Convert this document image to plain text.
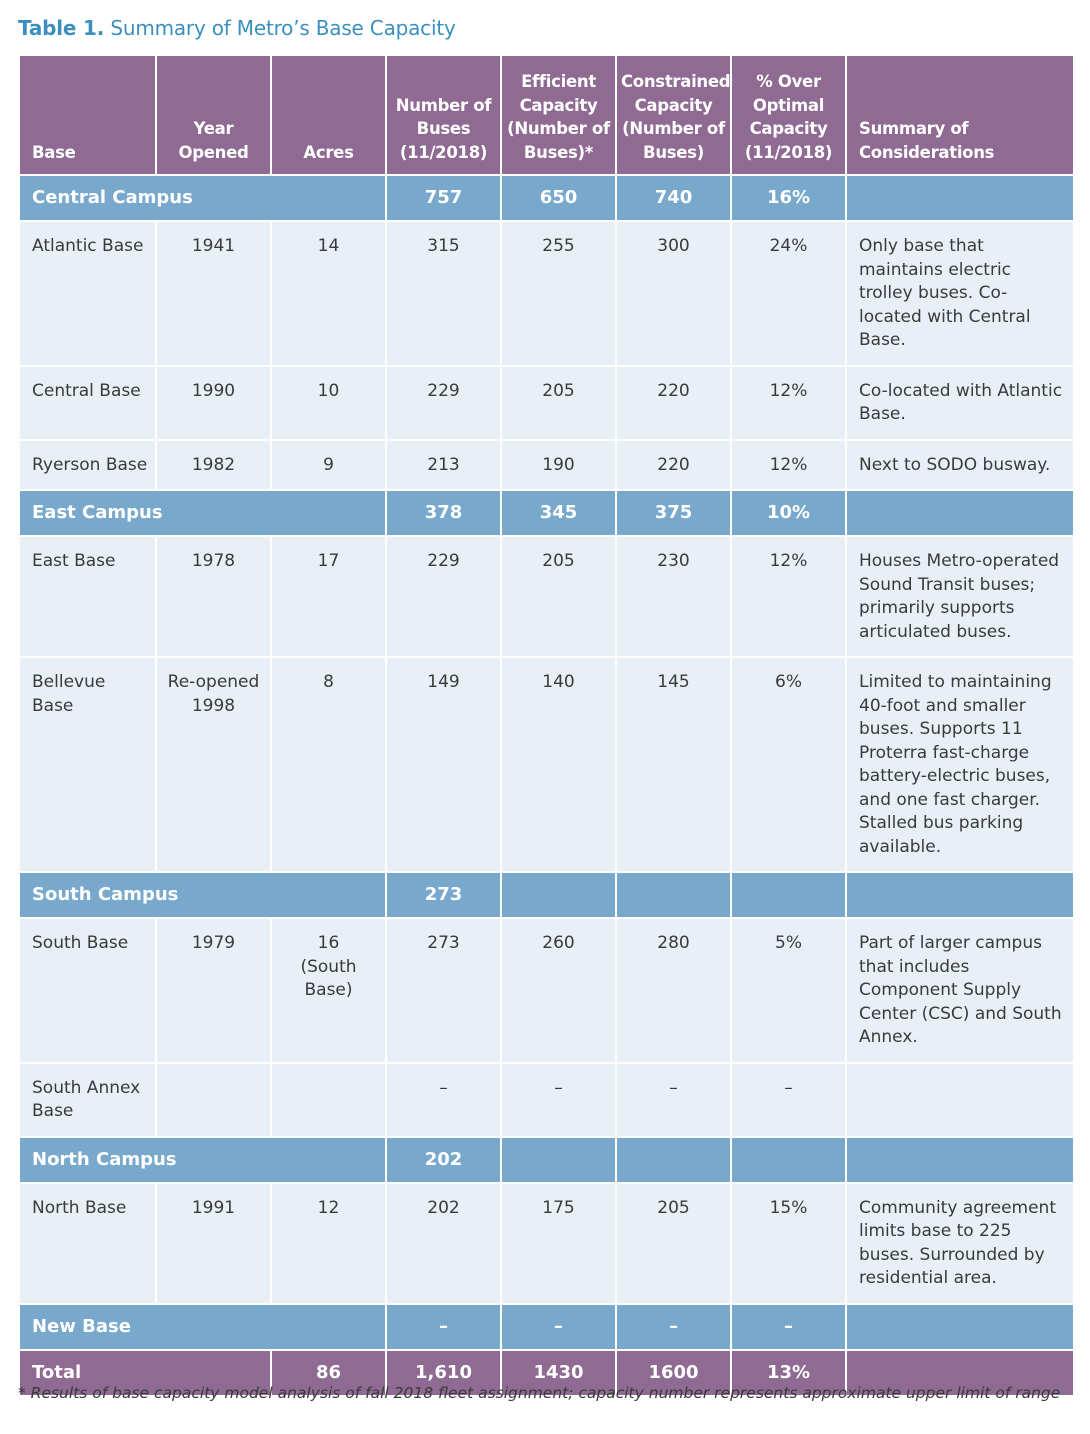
Table 1. Summary of Metro’s Base Capacity
Base	Year Opened	Acres	Number of Buses (11/2018)	Efficient Capacity (Number of Buses)*	Constrained Capacity (Number of Buses)	% Over Optimal Capacity (11/2018)	Summary of Considerations
Central Campus			757	650	740	16%	
Atlantic Base	1941	14	315	255	300	24%	Only base that maintains electric trolley buses. Co-located with Central Base.
Central Base	1990	10	229	205	220	12%	Co-located with Atlantic Base.
Ryerson Base	1982	9	213	190	220	12%	Next to SODO busway.
East Campus			378	345	375	10%	
East Base	1978	17	229	205	230	12%	Houses Metro-operated Sound Transit buses; primarily supports articulated buses.
Bellevue Base	Re-opened 1998	8	149	140	145	6%	Limited to maintaining 40-foot and smaller buses. Supports 11 Proterra fast-charge battery-electric buses, and one fast charger. Stalled bus parking available.
South Campus			273				
South Base	1979	16 (South Base)	273	260	280	5%	Part of larger campus that includes Component Supply Center (CSC) and South Annex.
South Annex Base			–	–	–	–	
North Campus			202				
North Base	1991	12	202	175	205	15%	Community agreement limits base to 225 buses. Surrounded by residential area.
New Base			–	–	–	–	
Total		86	1,610	1430	1600	13%	
* Results of base capacity model analysis of fall 2018 fleet assignment; capacity number represents approximate upper limit of range
